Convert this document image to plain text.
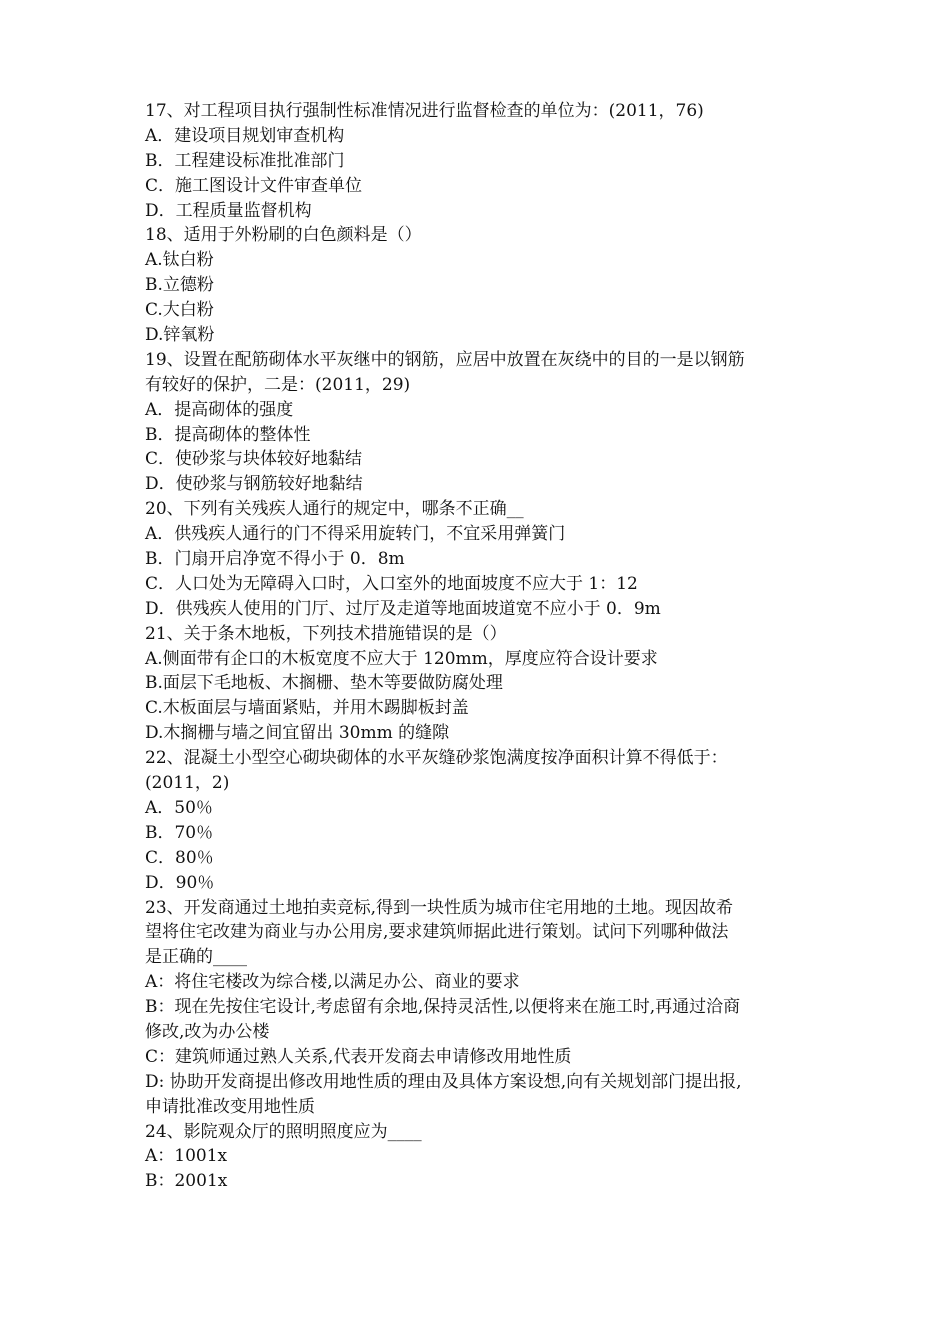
17、对工程项目执行强制性标准情况进行监督检查的单位为：(2011，76)
A．建设项目规划审查机构
B．工程建设标准批准部门
C．施工图设计文件审查单位
D．工程质量监督机构
18、适用于外粉刷的白色颜料是（）
A.钛白粉
B.立德粉
C.大白粉
D.锌氧粉
19、设置在配筋砌体水平灰继中的钢筋，应居中放置在灰绕中的目的一是以钢筋
有较好的保护，二是：(2011，29)
A．提高砌体的强度
B．提高砌体的整体性
C．使砂浆与块体较好地黏结
D．使砂浆与钢筋较好地黏结
20、下列有关残疾人通行的规定中，哪条不正确__
A．供残疾人通行的门不得采用旋转门，不宜采用弹簧门
B．门扇开启净宽不得小于 0．8m
C．人口处为无障碍入口时，入口室外的地面坡度不应大于 1：12
D．供残疾人使用的门厅、过厅及走道等地面坡道宽不应小于 0．9m
21、关于条木地板，下列技术措施错误的是（）
A.侧面带有企口的木板宽度不应大于 120mm，厚度应符合设计要求
B.面层下毛地板、木搁栅、垫木等要做防腐处理
C.木板面层与墙面紧贴，并用木踢脚板封盖
D.木搁栅与墙之间宜留出 30mm 的缝隙
22、混凝土小型空心砌块砌体的水平灰缝砂浆饱满度按净面积计算不得低于：
(2011，2)
A．50％
B．70％
C．80％
D．90％
23、开发商通过土地拍卖竞标,得到一块性质为城市住宅用地的土地。现因故希
望将住宅改建为商业与办公用房,要求建筑师据此进行策划。试问下列哪种做法
是正确的____
A：将住宅楼改为综合楼,以满足办公、商业的要求
B：现在先按住宅设计,考虑留有余地,保持灵活性,以便将来在施工时,再通过洽商
修改,改为办公楼
C：建筑师通过熟人关系,代表开发商去申请修改用地性质
D: 协助开发商提出修改用地性质的理由及具体方案设想,向有关规划部门提出报,
申请批准改变用地性质
24、影院观众厅的照明照度应为____
A：1001x
B：2001x
